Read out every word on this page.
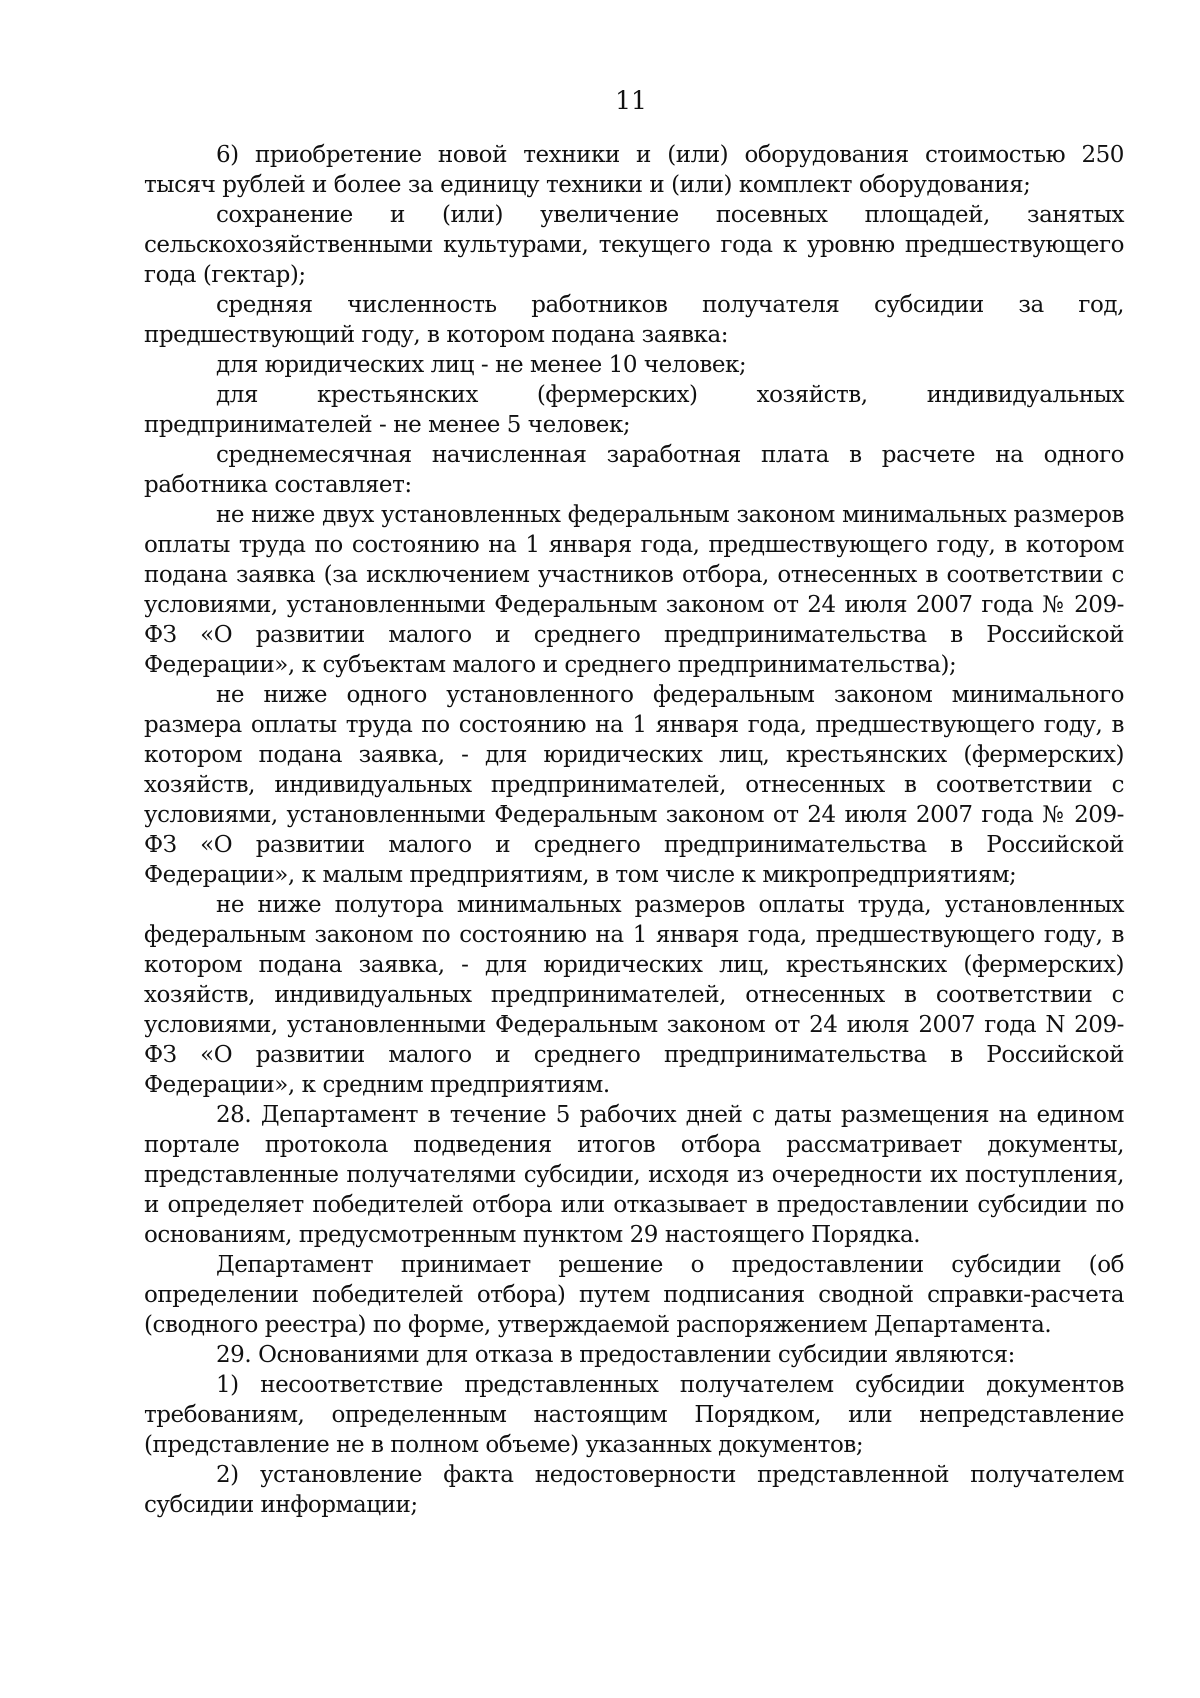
11

6) приобретение новой техники и (или) оборудования стоимостью 250 тысяч рублей и более за единицу техники и (или) комплект оборудования;

сохранение и (или) увеличение посевных площадей, занятых сельскохозяйственными культурами, текущего года к уровню предшествующего года (гектар);

средняя численность работников получателя субсидии за год, предшествующий году, в котором подана заявка:

для юридических лиц - не менее 10 человек;

для крестьянских (фермерских) хозяйств, индивидуальных предпринимателей - не менее 5 человек;

среднемесячная начисленная заработная плата в расчете на одного работника составляет:

не ниже двух установленных федеральным законом минимальных размеров оплаты труда по состоянию на 1 января года, предшествующего году, в котором подана заявка (за исключением участников отбора, отнесенных в соответствии с условиями, установленными Федеральным законом от 24 июля 2007 года № 209-ФЗ «О развитии малого и среднего предпринимательства в Российской Федерации», к субъектам малого и среднего предпринимательства);

не ниже одного установленного федеральным законом минимального размера оплаты труда по состоянию на 1 января года, предшествующего году, в котором подана заявка, - для юридических лиц, крестьянских (фермерских) хозяйств, индивидуальных предпринимателей, отнесенных в соответствии с условиями, установленными Федеральным законом от 24 июля 2007 года № 209-ФЗ «О развитии малого и среднего предпринимательства в Российской Федерации», к малым предприятиям, в том числе к микропредприятиям;

не ниже полутора минимальных размеров оплаты труда, установленных федеральным законом по состоянию на 1 января года, предшествующего году, в котором подана заявка, - для юридических лиц, крестьянских (фермерских) хозяйств, индивидуальных предпринимателей, отнесенных в соответствии с условиями, установленными Федеральным законом от 24 июля 2007 года N 209-ФЗ «О развитии малого и среднего предпринимательства в Российской Федерации», к средним предприятиям.

28. Департамент в течение 5 рабочих дней с даты размещения на едином портале протокола подведения итогов отбора рассматривает документы, представленные получателями субсидии, исходя из очередности их поступления, и определяет победителей отбора или отказывает в предоставлении субсидии по основаниям, предусмотренным пунктом 29 настоящего Порядка.

Департамент принимает решение о предоставлении субсидии (об определении победителей отбора) путем подписания сводной справки-расчета (сводного реестра) по форме, утверждаемой распоряжением Департамента.

29. Основаниями для отказа в предоставлении субсидии являются:

1) несоответствие представленных получателем субсидии документов требованиям, определенным настоящим Порядком, или непредставление (представление не в полном объеме) указанных документов;

2) установление факта недостоверности представленной получателем субсидии информации;
